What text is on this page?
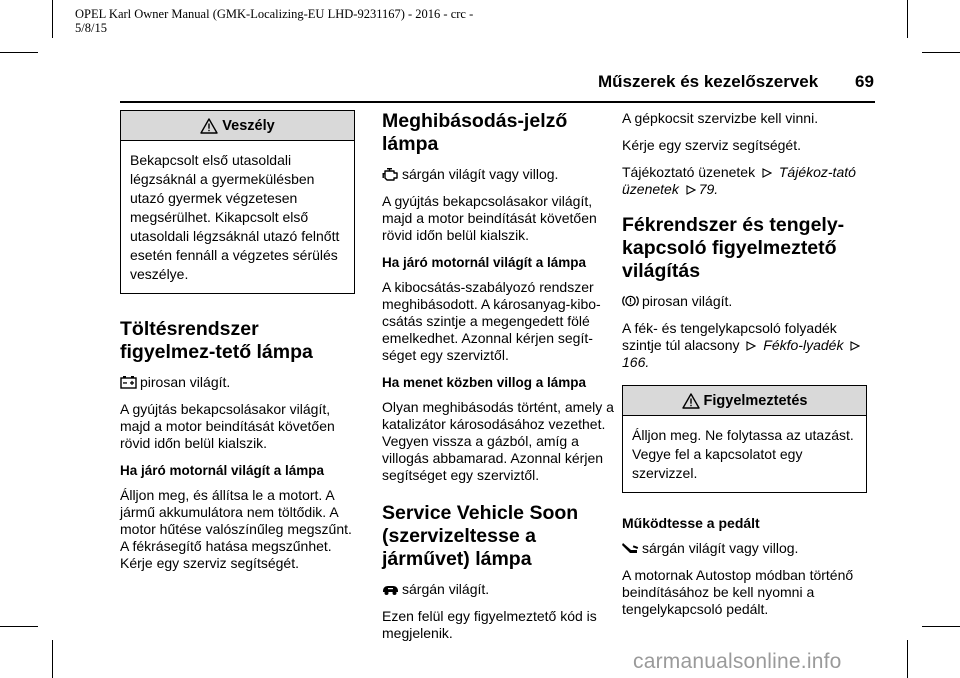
OPEL Karl Owner Manual (GMK-Localizing-EU LHD-9231167) - 2016 - crc -
5/8/15
Műszerek és kezelőszervek 69
Veszély
Bekapcsolt első utasoldali légzsáknál a gyermekülésben utazó gyermek végzetesen megsérülhet. Kikapcsolt első utasoldali légzsáknál utazó felnőtt esetén fennáll a végzetes sérülés veszélye.
Töltésrendszer figyelmez-tető lámpa

pirosan világít.

A gyújtás bekapcsolásakor világít, majd a motor beindítását követően rövid időn belül kialszik.

Ha járó motornál világít a lámpa

Álljon meg, és állítsa le a motort. A jármű akkumulátora nem töltődik. A motor hűtése valószínűleg megszűnt. A fékrásegítő hatása megszűnhet. Kérje egy szerviz segítségét.

Meghibásodás-jelző lámpa

sárgán világít vagy villog.

A gyújtás bekapcsolásakor világít, majd a motor beindítását követően rövid időn belül kialszik.

Ha járó motornál világít a lámpa

A kibocsátás-szabályozó rendszer meghibásodott. A károsanyag-kibo-csátás szintje a megengedett fölé emelkedhet. Azonnal kérjen segít-séget egy szerviztől.

Ha menet közben villog a lámpa

Olyan meghibásodás történt, amely a katalizátor károsodásához vezethet. Vegyen vissza a gázból, amíg a villogás abbamarad. Azonnal kérjen segítséget egy szerviztől.

Service Vehicle Soon (szervizeltesse a járművet) lámpa

sárgán világít.

Ezen felül egy figyelmeztető kód is megjelenik.

A gépkocsit szervizbe kell vinni.

Kérje egy szerviz segítségét.

Tájékoztató üzenetek Tájékoz-tató üzenetek 79.

Fékrendszer és tengely-kapcsoló figyelmeztető világítás

pirosan világít.

A fék- és tengelykapcsoló folyadék szintje túl alacsony Fékfo-lyadék 166.

Figyelmeztetés
Álljon meg. Ne folytassa az utazást. Vegye fel a kapcsolatot egy szervizzel.

Működtesse a pedált

sárgán világít vagy villog.

A motornak Autostop módban történő beindításához be kell nyomni a tengelykapcsoló pedált.

carmanualsonline.info
